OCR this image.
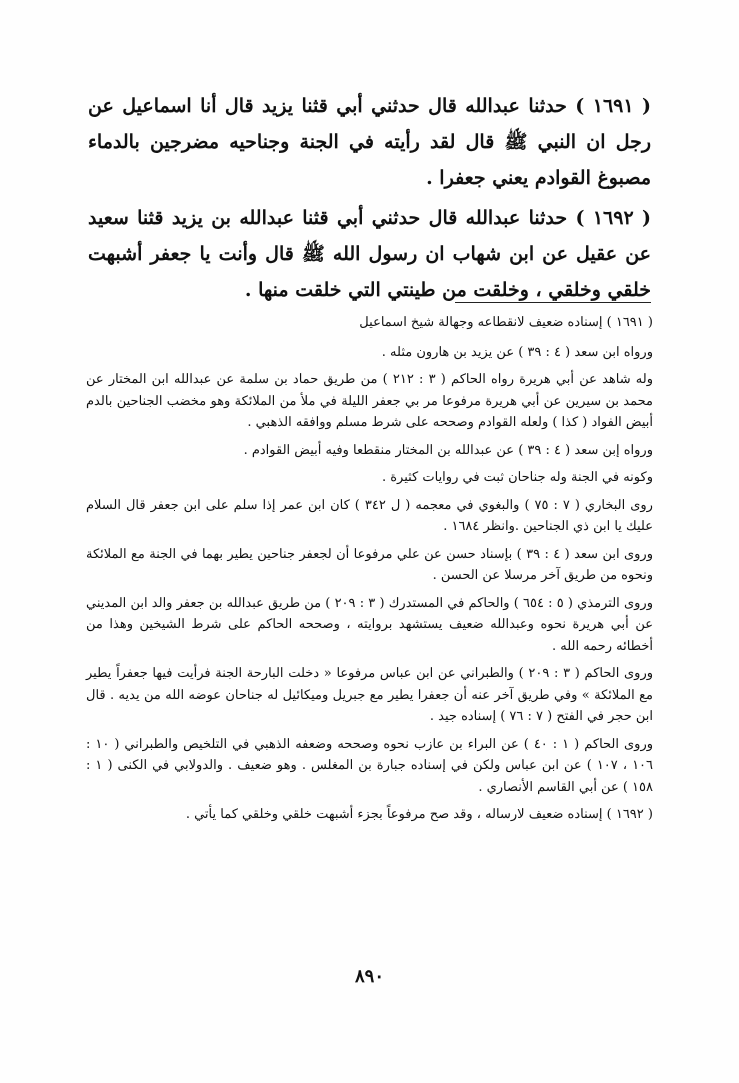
( ١٦٩١ ) حدثنا عبدالله قال حدثني أبي قثنا يزيد قال أنا اسماعيل عن رجل ان النبي ﷺ قال لقد رأيته في الجنة وجناحيه مضرجين بالدماء مصبوغ القوادم يعني جعفرا .

( ١٦٩٢ ) حدثنا عبدالله قال حدثني أبي قثنا عبدالله بن يزيد قثنا سعيد عن عقيل عن ابن شهاب ان رسول الله ﷺ قال وأنت يا جعفر أشبهت خلقي وخلقي ، وخلقت من طينتي التي خلقت منها .

( ١٦٩١ ) إسناده ضعيف لانقطاعه وجهالة شيخ اسماعيل

ورواه ابن سعد ( ٤ : ٣٩ ) عن يزيد بن هارون مثله .

وله شاهد عن أبي هريرة رواه الحاكم ( ٣ : ٢١٢ ) من طريق حماد بن سلمة عن عبدالله ابن المختار عن محمد بن سيرين عن أبي هريرة مرفوعا مر بي جعفر الليلة في ملأ من الملائكة وهو مخضب الجناحين بالدم أبيض الفواد ( كذا ) ولعله القوادم وصححه على شرط مسلم ووافقه الذهبي .

ورواه إبن سعد ( ٤ : ٣٩ ) عن عبدالله بن المختار منقطعا وفيه أبيض القوادم .

وكونه في الجنة وله جناحان ثبت في روايات كثيرة .

روى البخاري ( ٧ : ٧٥ ) والبغوي في معجمه ( ل ٣٤٢ ) كان ابن عمر إذا سلم على ابن جعفر قال السلام عليك يا ابن ذي الجناحين .وانظر ١٦٨٤ .

وروى ابن سعد ( ٤ : ٣٩ ) بإسناد حسن عن علي مرفوعا أن لجعفر جناحين يطير بهما في الجنة مع الملائكة ونحوه من طريق آخر مرسلا عن الحسن .

وروى الترمذي ( ٥ : ٦٥٤ ) والحاكم في المستدرك ( ٣ : ٢٠٩ ) من طريق عبدالله بن جعفر والد ابن المديني عن أبي هريرة نحوه وعبدالله ضعيف يستشهد بروايته ، وصححه الحاكم على شرط الشيخين وهذا من أخطائه رحمه الله .

وروى الحاكم ( ٣ : ٢٠٩ ) والطبراني عن ابن عباس مرفوعا « دخلت البارحة الجنة فرأيت فيها جعفراً يطير مع الملائكة » وفي طريق آخر عنه أن جعفرا يطير مع جبريل وميكائيل له جناحان عوضه الله من يديه . قال ابن حجر في الفتح ( ٧ : ٧٦ ) إسناده جيد .

وروى الحاكم ( ١ : ٤٠ ) عن البراء بن عازب نحوه وصححه وضعفه الذهبي في التلخيص والطبراني ( ١٠ : ١٠٦ ، ١٠٧ ) عن ابن عباس ولكن في إسناده جبارة بن المغلس . وهو ضعيف . والدولابي في الكنى ( ١ : ١٥٨ ) عن أبي القاسم الأنصاري .

( ١٦٩٢ ) إسناده ضعيف لارساله ، وقد صح مرفوعاً بجزء أشبهت خلقي وخلقي كما يأتي .

٨٩٠
